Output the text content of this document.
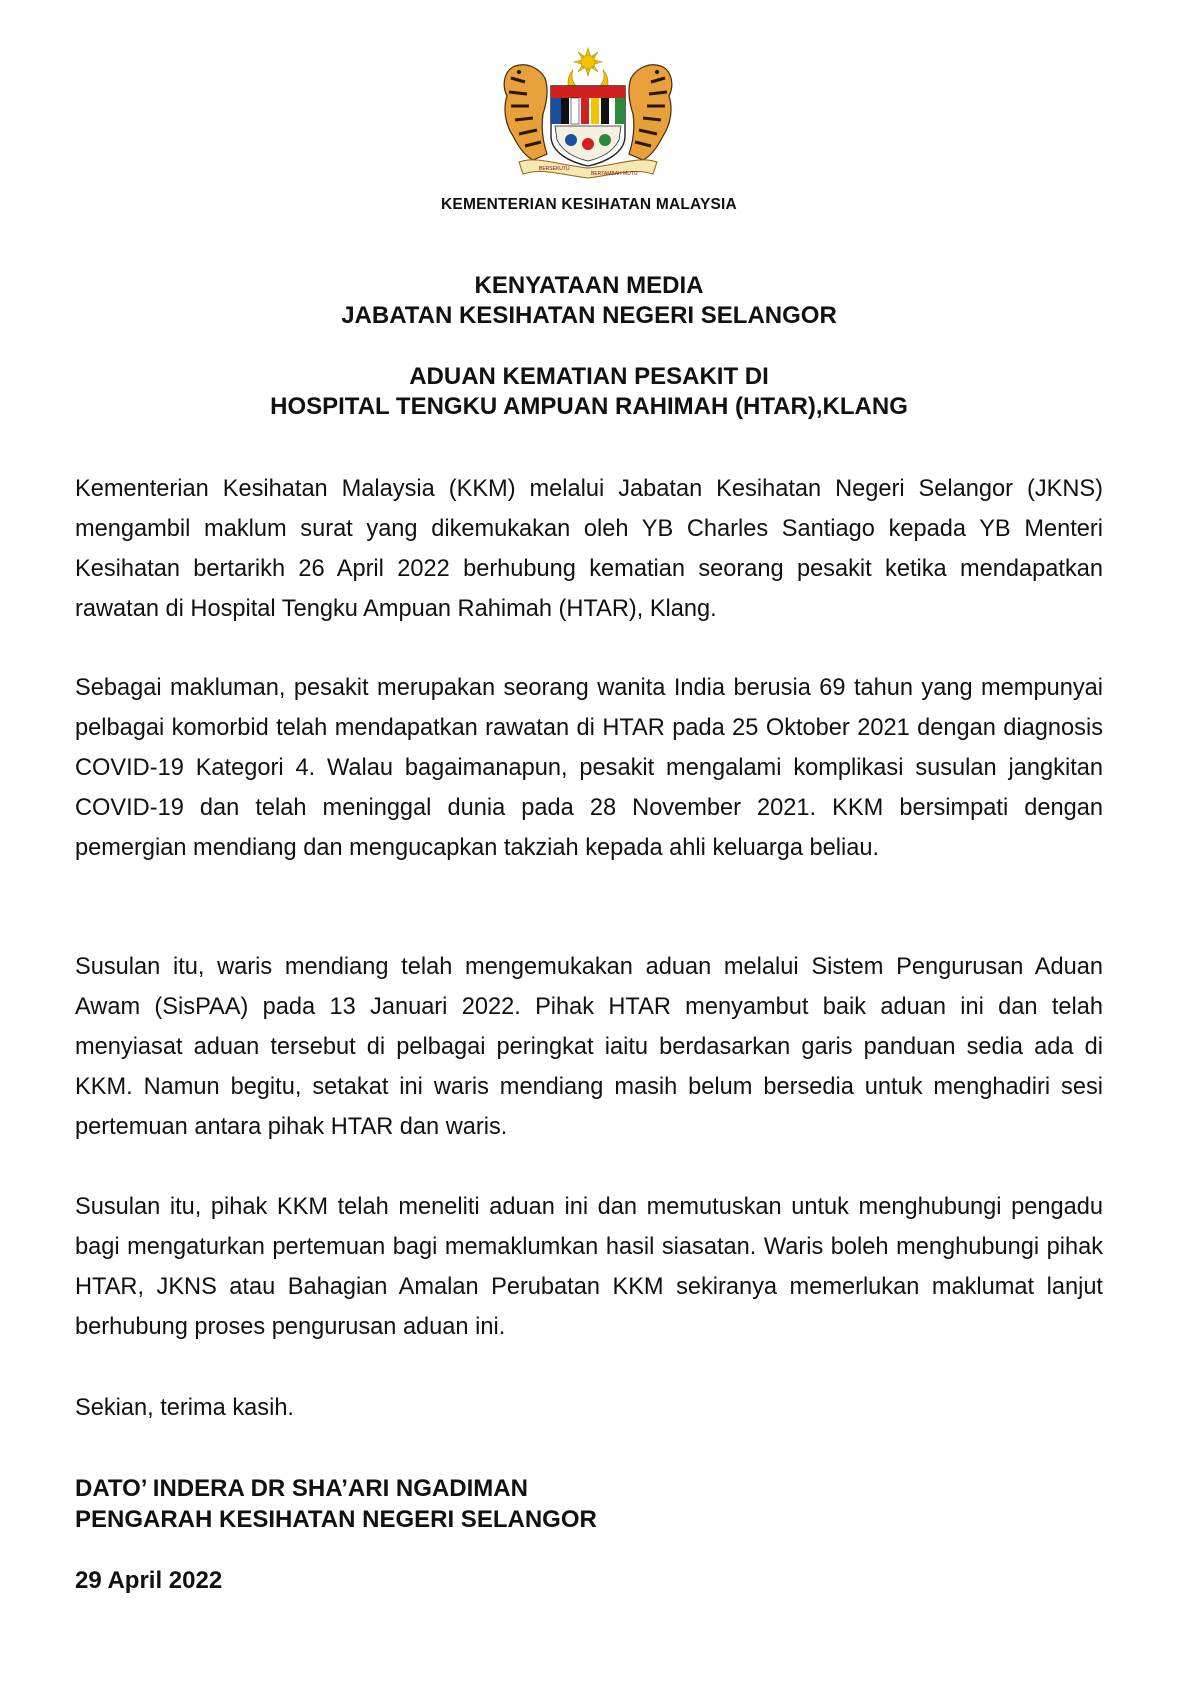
BERSEKUTU
BERTAMBAH MUTU
KEMENTERIAN KESIHATAN MALAYSIA
KENYATAAN MEDIA
JABATAN KESIHATAN NEGERI SELANGOR
ADUAN KEMATIAN PESAKIT DI
HOSPITAL TENGKU AMPUAN RAHIMAH (HTAR),KLANG

Kementerian Kesihatan Malaysia (KKM) melalui Jabatan Kesihatan Negeri Selangor (JKNS) mengambil maklum surat yang dikemukakan oleh YB Charles Santiago kepada YB Menteri Kesihatan bertarikh 26 April 2022 berhubung kematian seorang pesakit ketika mendapatkan rawatan di Hospital Tengku Ampuan Rahimah (HTAR), Klang.

Sebagai makluman, pesakit merupakan seorang wanita India berusia 69 tahun yang mempunyai pelbagai komorbid telah mendapatkan rawatan di HTAR pada 25 Oktober 2021 dengan diagnosis COVID-19 Kategori 4. Walau bagaimanapun, pesakit mengalami komplikasi susulan jangkitan COVID-19 dan telah meninggal dunia pada 28 November 2021. KKM bersimpati dengan pemergian mendiang dan mengucapkan takziah kepada ahli keluarga beliau.

Susulan itu, waris mendiang telah mengemukakan aduan melalui Sistem Pengurusan Aduan Awam (SisPAA) pada 13 Januari 2022. Pihak HTAR menyambut baik aduan ini dan telah menyiasat aduan tersebut di pelbagai peringkat iaitu berdasarkan garis panduan sedia ada di KKM. Namun begitu, setakat ini waris mendiang masih belum bersedia untuk menghadiri sesi pertemuan antara pihak HTAR dan waris.

Susulan itu, pihak KKM telah meneliti aduan ini dan memutuskan untuk menghubungi pengadu bagi mengaturkan pertemuan bagi memaklumkan hasil siasatan. Waris boleh menghubungi pihak HTAR, JKNS atau Bahagian Amalan Perubatan KKM sekiranya memerlukan maklumat lanjut berhubung proses pengurusan aduan ini.

Sekian, terima kasih.

DATO’ INDERA DR SHA’ARI NGADIMAN
PENGARAH KESIHATAN NEGERI SELANGOR
29 April 2022
